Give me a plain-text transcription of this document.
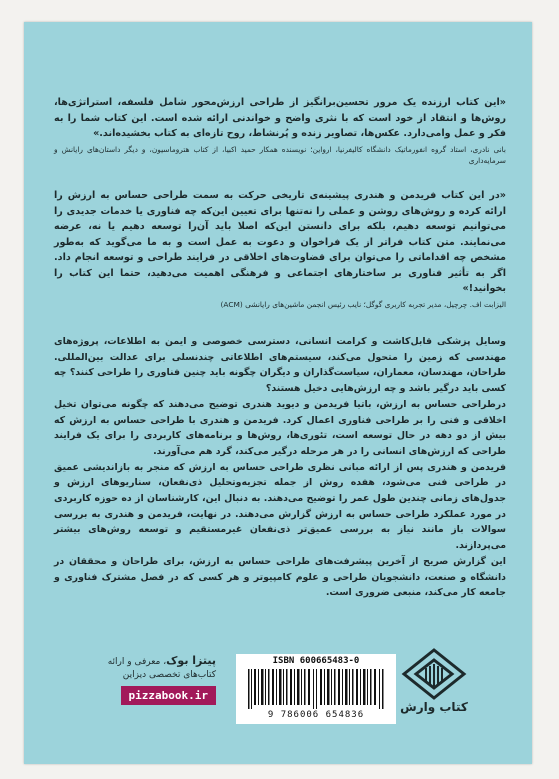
«این کتاب ارزنده یک مرور تحسین‌برانگیز از طراحی ارزش‌محور شامل فلسفه، استراتژی‌ها، روش‌ها و انتقاد از خود است که با نثری واضح و خواندنی ارائه شده است. این کتاب شما را به فکر و عمل وامی‌دارد. عکس‌ها، تصاویر زنده و پُرنشاط، روح تازه‌ای به کتاب بخشیده‌اند.»
بانی نادری، استاد گروه انفورماتیک دانشگاه کالیفرنیا، ارواین؛ نویسنده همکار حمید اکبیا، از کتاب هتروماسیون، و دیگر داستان‌های رایانش و سرمایه‌داری
«در این کتاب فریدمن و هندری پیشینه‌ی تاریخی حرکت به سمت طراحی حساس به ارزش را ارائه کرده و روش‌های روشن و عملی را نه‌تنها برای تعیین این‌که چه فناوری یا خدمات جدیدی را می‌توانیم توسعه دهیم، بلکه برای دانستن این‌که اصلا باید آن‌را توسعه دهیم یا نه، عرضه می‌نمایند. متن کتاب فراتر از یک فراخوان و دعوت به عمل است و به ما می‌گوید که به‌طور مشخص چه اقداماتی را می‌توان برای قضاوت‌های اخلاقی در فرایند طراحی و توسعه انجام داد. اگر به تأثیر فناوری بر ساختارهای اجتماعی و فرهنگی اهمیت می‌دهید، حتما این کتاب را بخوانید!»
الیزابت اف. چرچیل، مدیر تجربه کاربری گوگل؛ نایب رئیس انجمن ماشین‌های رایانشی (ACM)

وسایل پزشکی قابل‌کاشت و کرامت انسانی، دسترسی خصوصی و ایمن به اطلاعات، پروژه‌های مهندسی که زمین را متحول می‌کند، سیستم‌های اطلاعاتی چندنسلی برای عدالت بین‌المللی. طراحان، مهندسان، معماران، سیاست‌گذاران و دیگران چگونه باید چنین فناوری را طراحی کنند؟ چه کسی باید درگیر باشد و چه ارزش‌هایی دخیل هستند؟

درطراحی حساس به ارزش، باتیا فریدمن و دیوید هندری توضیح می‌دهند که چگونه می‌توان تخیل اخلاقی و فنی را بر طراحی فناوری اعمال کرد. فریدمن و هندری با طراحی حساس به ارزش که بیش از دو دهه در حال توسعه است، تئوری‌ها، روش‌ها و برنامه‌های کاربردی را برای یک فرایند طراحی که ارزش‌های انسانی را در هر مرحله درگیر می‌کند، گرد هم می‌آورند.

فریدمن و هندری پس از ارائه مبانی نظری طراحی حساس به ارزش که منجر به بازاندیشی عمیق در طراحی فنی می‌شود، هفده روش از جمله تجزیه‌وتحلیل ذی‌نفعان، سناریوهای ارزش و جدول‌های زمانی چندین طول عمر را توضیح می‌دهند. به دنبال این، کارشناسان از ده حوزه کاربردی در مورد عملکرد طراحی حساس به ارزش گزارش می‌دهند. در نهایت، فریدمن و هندری به بررسی سوالات باز مانند نیاز به بررسی عمیق‌تر ذی‌نفعان غیرمستقیم و توسعه روش‌های بیشتر می‌پردازند.

این گزارش صریح از آخرین پیشرفت‌های طراحی حساس به ارزش، برای طراحان و محققان در دانشگاه و صنعت، دانشجویان طراحی و علوم کامپیوتر و هر کسی که در فصل مشترک فناوری و جامعه کار می‌کند، منبعی ضروری است.

پیتزا بوک، معرفی و ارائه
کتاب‌های تخصصی دیزاین
pizzabook.ir
ISBN 600665483-0
9 786006 654836
کتاب وارش
